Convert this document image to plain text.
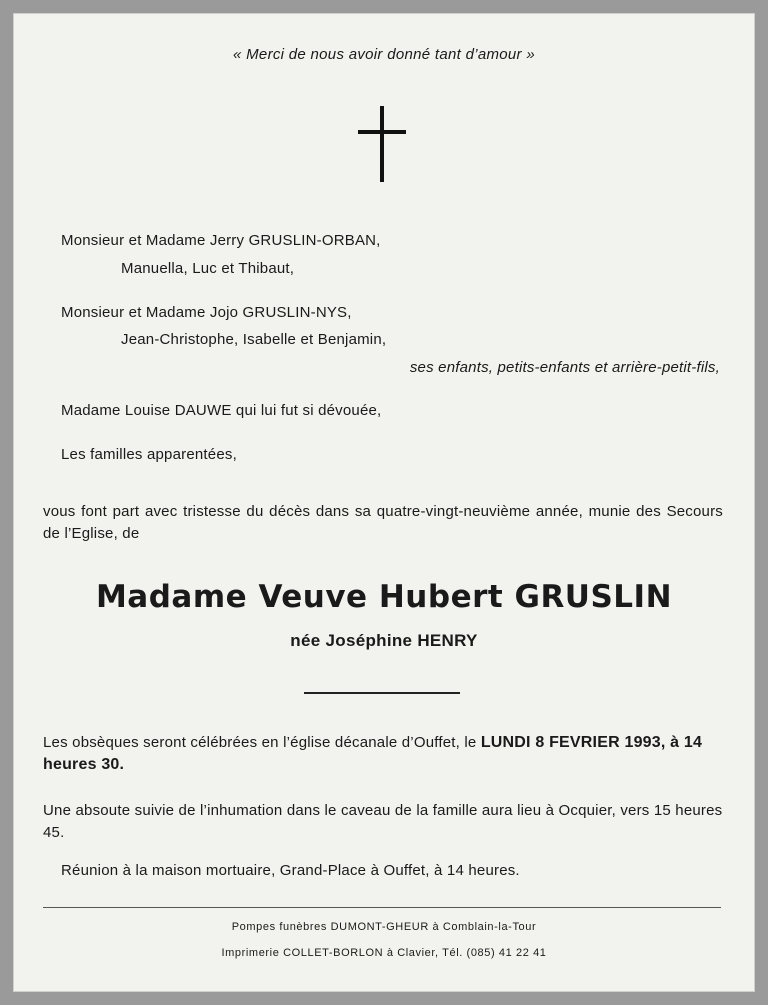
« Merci de nous avoir donné tant d’amour »
Monsieur et Madame Jerry GRUSLIN-ORBAN,
Manuella, Luc et Thibaut,
Monsieur et Madame Jojo GRUSLIN-NYS,
Jean-Christophe, Isabelle et Benjamin,
ses enfants, petits-enfants et arrière-petit-fils,
Madame Louise DAUWE qui lui fut si dévouée,
Les familles apparentées,
vous font part avec tristesse du décès dans sa quatre-vingt-neuvième année, munie des Secours de l’Eglise, de
Madame Veuve Hubert GRUSLIN
née Joséphine HENRY
Les obsèques seront célébrées en l’église décanale d’Ouffet, le LUNDI 8 FEVRIER 1993, à 14 heures 30.
Une absoute suivie de l’inhumation dans le caveau de la famille aura lieu à Ocquier, vers 15 heures 45.
Réunion à la maison mortuaire, Grand-Place à Ouffet, à 14 heures.
Pompes funèbres DUMONT-GHEUR à Comblain-la-Tour
Imprimerie COLLET-BORLON à Clavier, Tél. (085) 41 22 41
